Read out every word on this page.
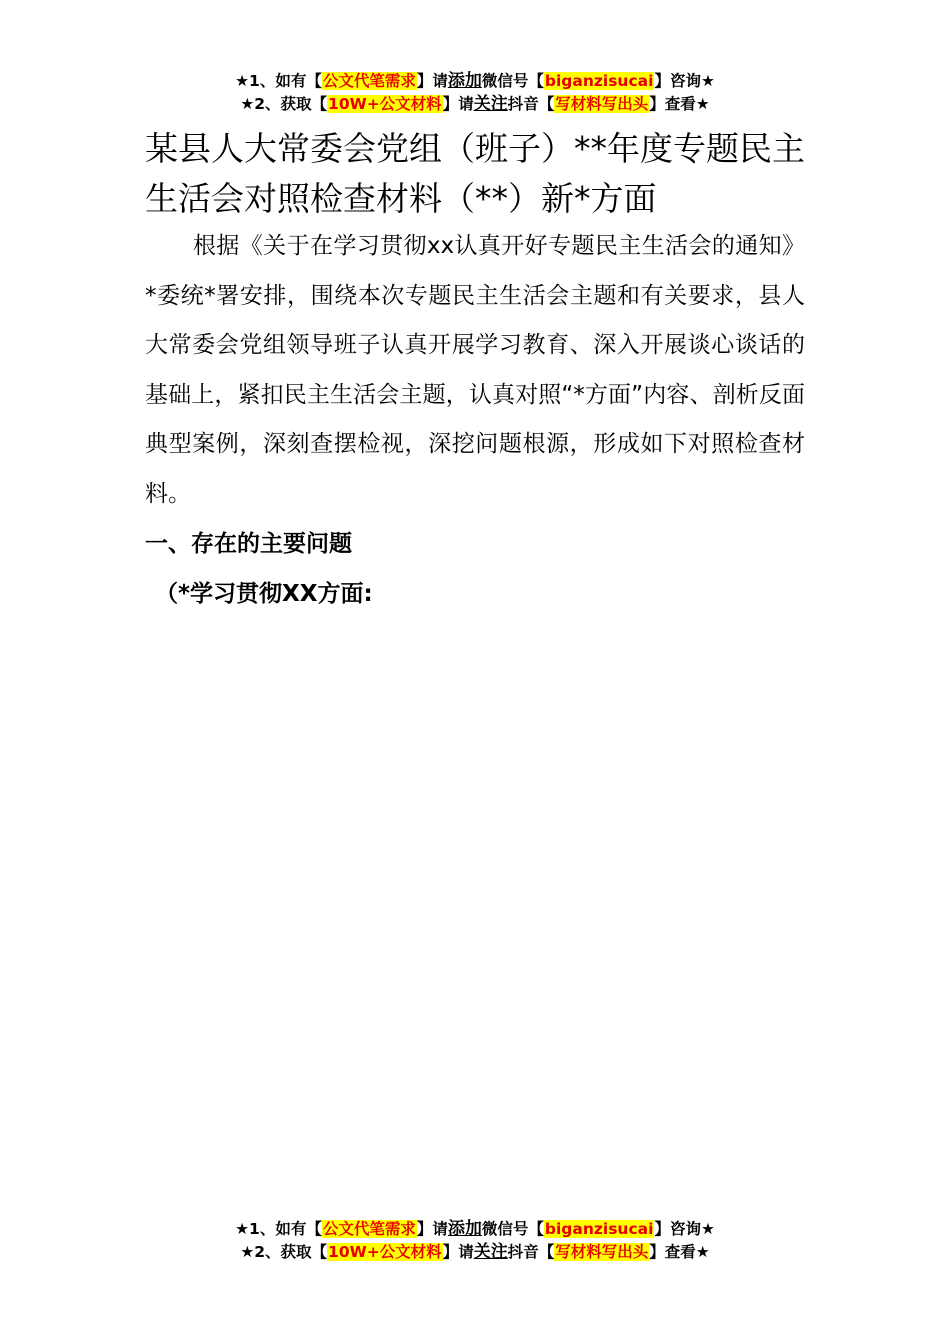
★1、如有【公文代笔需求】请添加微信号【biganzisucai】咨询★
★2、获取【10W+公文材料】请关注抖音【写材料写出头】查看★
某县人大常委会党组（班子）**年度专题民主生活会对照检查材料（**）新*方面

根据《关于在学习贯彻xx认真开好专题民主生活会的通知》*委统*署安排，围绕本次专题民主生活会主题和有关要求，县人大常委会党组领导班子认真开展学习教育、深入开展谈心谈话的基础上，紧扣民主生活会主题，认真对照“*方面”内容、剖析反面典型案例，深刻查摆检视，深挖问题根源，形成如下对照检查材料。

一、存在的主要问题

（*学习贯彻XX方面:

★1、如有【公文代笔需求】请添加微信号【biganzisucai】咨询★
★2、获取【10W+公文材料】请关注抖音【写材料写出头】查看★
